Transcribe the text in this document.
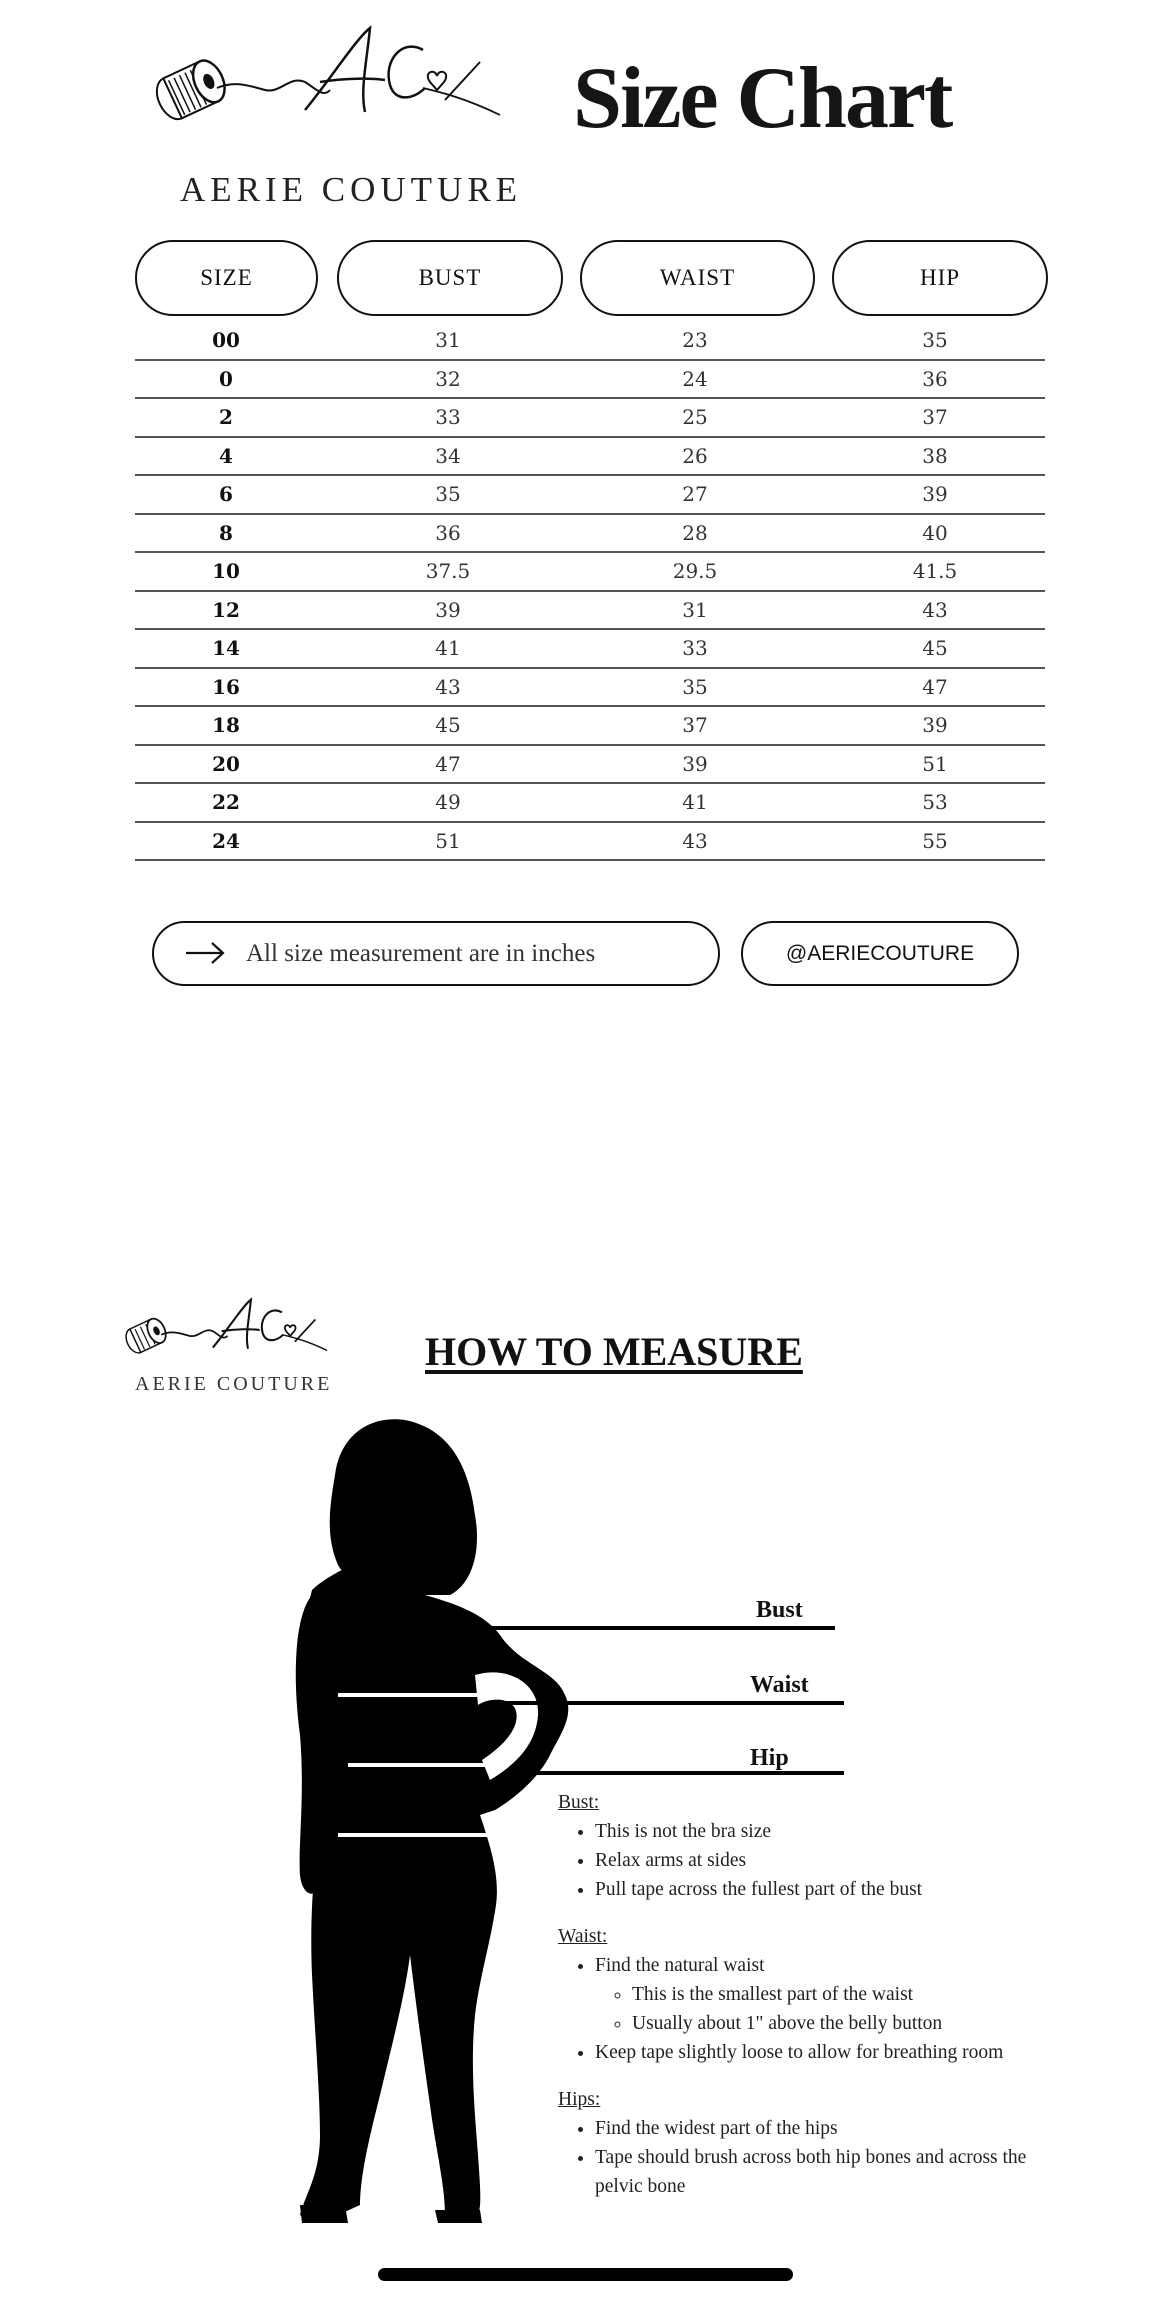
AERIE COUTURE
Size Chart
SIZE	BUST	WAIST	HIP
00	31	23	35
0	32	24	36
2	33	25	37
4	34	26	38
6	35	27	39
8	36	28	40
10	37.5	29.5	41.5
12	39	31	43
14	41	33	45
16	43	35	47
18	45	37	39
20	47	39	51
22	49	41	53
24	51	43	55
All size measurement are in inches	@AERIECOUTURE
AERIE COUTURE
HOW TO MEASURE
Bust
Waist
Hip

Bust:

• This is not the bra size
• Relax arms at sides
• Pull tape across the fullest part of the bust

Waist:

• Find the natural waist
◦ This is the smallest part of the waist
◦ Usually about 1" above the belly button
• Keep tape slightly loose to allow for breathing room

Hips:

• Find the widest part of the hips
• Tape should brush across both hip bones and across the pelvic bone
